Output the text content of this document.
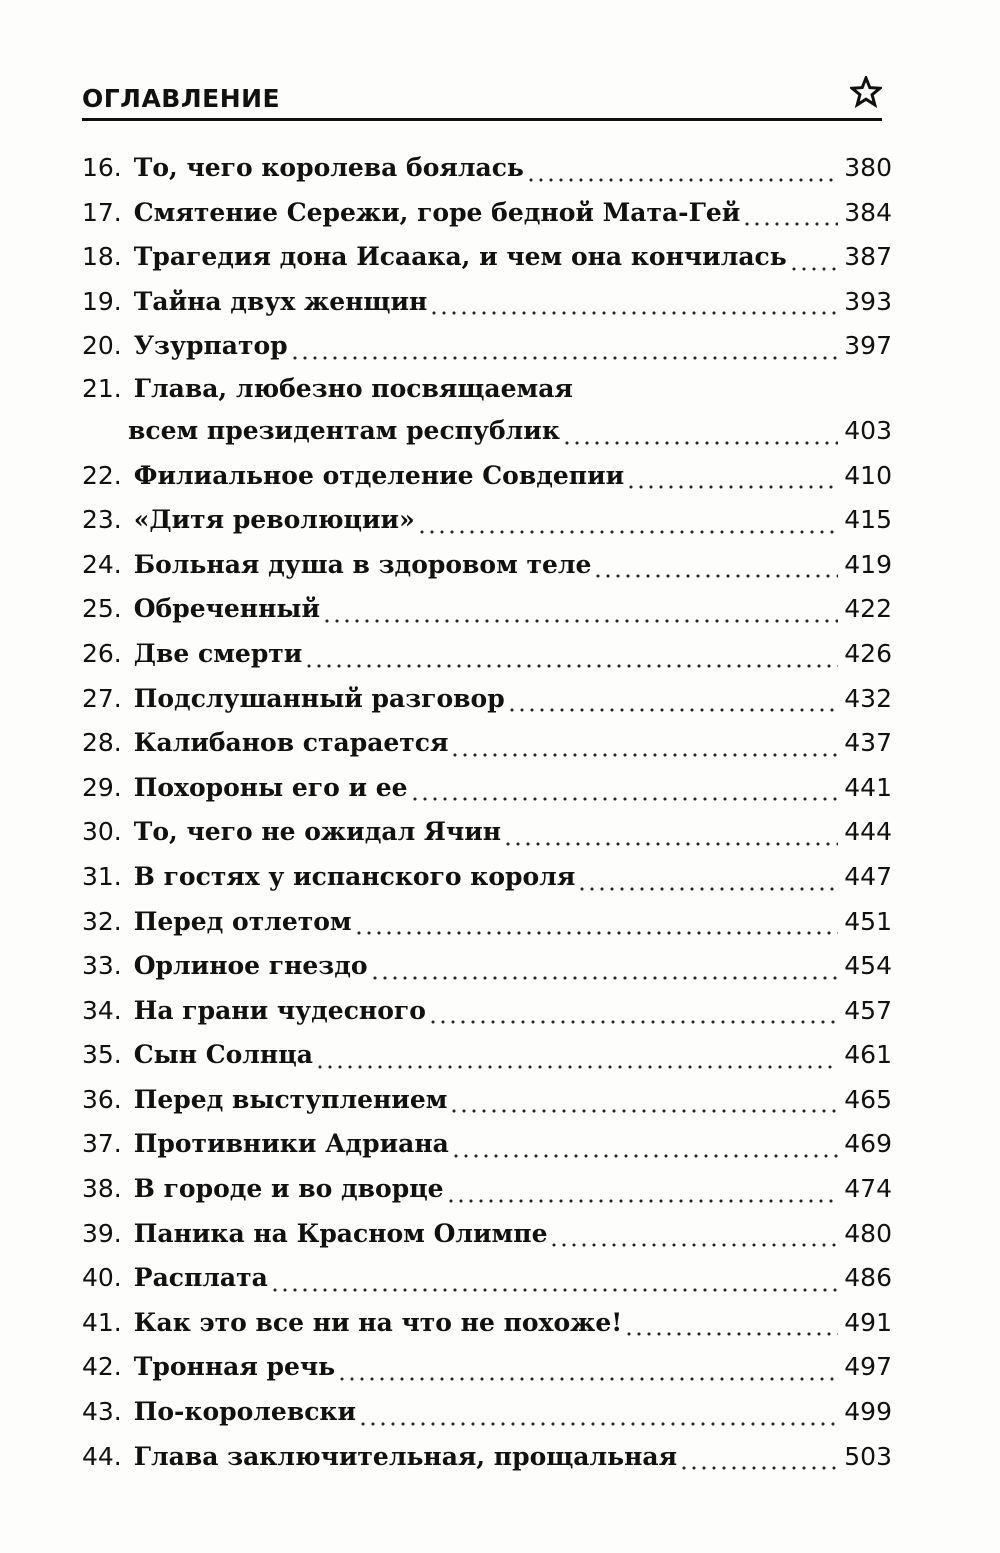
ОГЛАВЛЕНИЕ
16. То, чего королева боялась	380
17. Смятение Сережи, горе бедной Мата-Гей	384
18. Трагедия дона Исаака, и чем она кончилась 387
19. Тайна двух женщин	393
20. Узурпатор	397
21. Глава, любезно посвящаемая
всем президентам республик	403
22. Филиальное отделение Совдепии	410
23. «Дитя революции»	415
24. Больная душа в здоровом теле	419
25. Обреченный	422
26. Две смерти	426
27. Подслушанный разговор	432
28. Калибанов старается	437
29. Похороны его и ее	441
30. То, чего не ожидал Ячин	444
31. В гостях у испанского короля	447
32. Перед отлетом	451
33. Орлиное гнездо	454
34. На грани чудесного	457
35. Сын Солнца	461
36. Перед выступлением	465
37. Противники Адриана	469
38. В городе и во дворце	474
39. Паника на Красном Олимпе	480
40. Расплата	486
41. Как это все ни на что не похоже!	491
42. Тронная речь	497
43. По-королевски	499
44. Глава заключительная, прощальная	503
